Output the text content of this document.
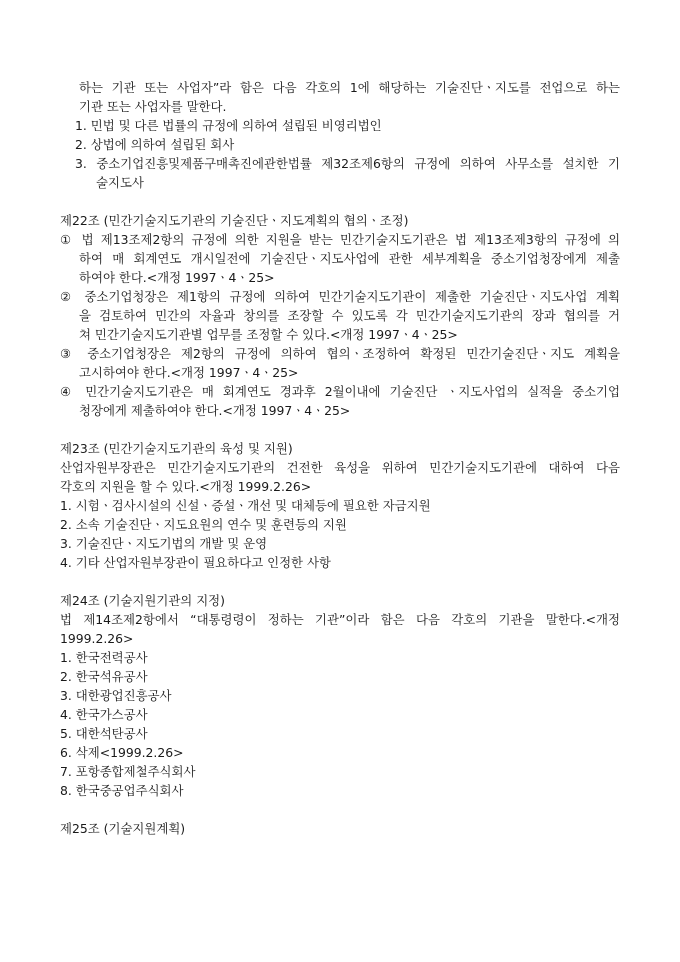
하는 기관 또는 사업자”라 함은 다음 각호의 1에 해당하는 기술진단ㆍ지도를 전업으로 하는
기관 또는 사업자를 말한다.
1. 민법 및 다른 법률의 규정에 의하여 설립된 비영리법인
2. 상법에 의하여 설립된 회사
3. 중소기업진흥및제품구매촉진에관한법률 제32조제6항의 규정에 의하여 사무소를 설치한 기
술지도사
제22조 (민간기술지도기관의 기술진단ㆍ지도계획의 협의ㆍ조정)
① 법 제13조제2항의 규정에 의한 지원을 받는 민간기술지도기관은 법 제13조제3항의 규정에 의
하여 매 회계연도 개시일전에 기술진단ㆍ지도사업에 관한 세부계획을 중소기업청장에게 제출
하여야 한다.<개정 1997ㆍ4ㆍ25>
② 중소기업청장은 제1항의 규정에 의하여 민간기술지도기관이 제출한 기술진단ㆍ지도사업 계획
을 검토하여 민간의 자율과 창의를 조장할 수 있도록 각 민간기술지도기관의 장과 협의를 거
쳐 민간기술지도기관별 업무를 조정할 수 있다.<개정 1997ㆍ4ㆍ25>
③ 중소기업청장은 제2항의 규정에 의하여 협의ㆍ조정하여 확정된 민간기술진단ㆍ지도 계획을
고시하여야 한다.<개정 1997ㆍ4ㆍ25>
④ 민간기술지도기관은 매 회계연도 경과후 2월이내에 기술진단 ㆍ지도사업의 실적을 중소기업
청장에게 제출하여야 한다.<개정 1997ㆍ4ㆍ25>
제23조 (민간기술지도기관의 육성 및 지원)
산업자원부장관은 민간기술지도기관의 건전한 육성을 위하여 민간기술지도기관에 대하여 다음
각호의 지원을 할 수 있다.<개정 1999.2.26>
1. 시험ㆍ검사시설의 신설ㆍ증설ㆍ개선 및 대체등에 필요한 자금지원
2. 소속 기술진단ㆍ지도요원의 연수 및 훈련등의 지원
3. 기술진단ㆍ지도기법의 개발 및 운영
4. 기타 산업자원부장관이 필요하다고 인정한 사항
제24조 (기술지원기관의 지정)
법 제14조제2항에서 “대통령령이 정하는 기관”이라 함은 다음 각호의 기관을 말한다.<개정
1999.2.26>
1. 한국전력공사
2. 한국석유공사
3. 대한광업진흥공사
4. 한국가스공사
5. 대한석탄공사
6. 삭제<1999.2.26>
7. 포항종합제철주식회사
8. 한국중공업주식회사
제25조 (기술지원계획)
